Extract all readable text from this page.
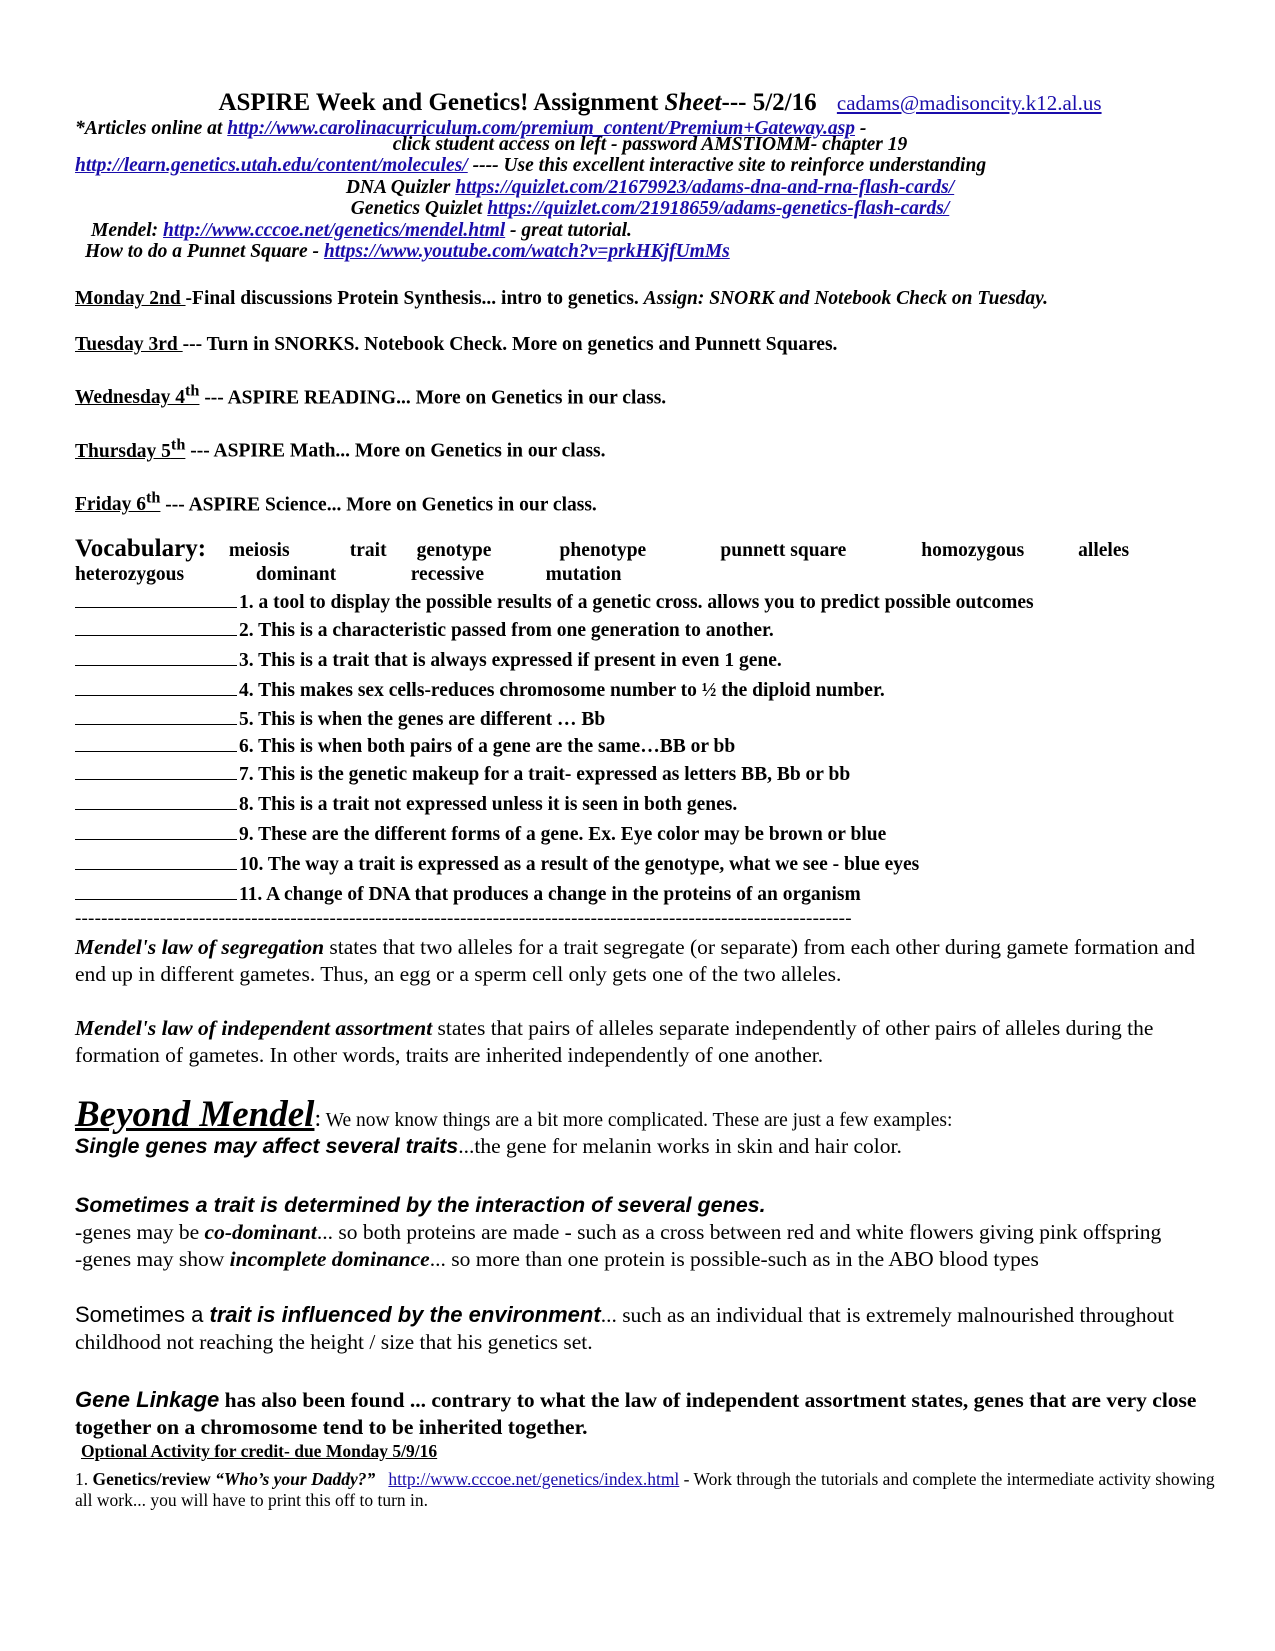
ASPIRE Week and Genetics! Assignment Sheet--- 5/2/16 cadams@madisoncity.k12.al.us

*Articles online at http://www.carolinacurriculum.com/premium_content/Premium+Gateway.asp -
click student access on left - password AMSTIOMM- chapter 19
http://learn.genetics.utah.edu/content/molecules/ ---- Use this excellent interactive site to reinforce understanding
DNA Quizler https://quizlet.com/21679923/adams-dna-and-rna-flash-cards/
Genetics Quizlet https://quizlet.com/21918659/adams-genetics-flash-cards/
Mendel: http://www.cccoe.net/genetics/mendel.html - great tutorial.
How to do a Punnet Square - https://www.youtube.com/watch?v=prkHKjfUmMs

Monday 2nd -Final discussions Protein Synthesis... intro to genetics. Assign: SNORK and Notebook Check on Tuesday.

Tuesday 3rd --- Turn in SNORKS. Notebook Check. More on genetics and Punnett Squares.

Wednesday 4th --- ASPIRE READING... More on Genetics in our class.

Thursday 5th --- ASPIRE Math... More on Genetics in our class.

Friday 6th --- ASPIRE Science... More on Genetics in our class.

Vocabulary: meiosis	trait genotype	phenotype	punnett square	homozygous	alleles
heterozygous	dominant	recessive	mutation
1. a tool to display the possible results of a genetic cross. allows you to predict possible outcomes
2. This is a characteristic passed from one generation to another.
3. This is a trait that is always expressed if present in even 1 gene.
4. This makes sex cells-reduces chromosome number to ½ the diploid number.
5. This is when the genes are different … Bb
6. This is when both pairs of a gene are the same…BB or bb
7. This is the genetic makeup for a trait- expressed as letters BB, Bb or bb
8. This is a trait not expressed unless it is seen in both genes.
9. These are the different forms of a gene. Ex. Eye color may be brown or blue
10. The way a trait is expressed as a result of the genotype, what we see - blue eyes
11. A change of DNA that produces a change in the proteins of an organism
-----------------------------------------------------------------------------------------------------------------------

Mendel's law of segregation states that two alleles for a trait segregate (or separate) from each other during gamete formation and end up in different gametes. Thus, an egg or a sperm cell only gets one of the two alleles.

Mendel's law of independent assortment states that pairs of alleles separate independently of other pairs of alleles during the formation of gametes. In other words, traits are inherited independently of one another.

Beyond Mendel: We now know things are a bit more complicated. These are just a few examples:

Single genes may affect several traits...the gene for melanin works in skin and hair color.

Sometimes a trait is determined by the interaction of several genes.

-genes may be co-dominant... so both proteins are made - such as a cross between red and white flowers giving pink offspring

-genes may show incomplete dominance... so more than one protein is possible-such as in the ABO blood types

Sometimes a trait is influenced by the environment... such as an individual that is extremely malnourished throughout childhood not reaching the height / size that his genetics set.

Gene Linkage has also been found ... contrary to what the law of independent assortment states, genes that are very close together on a chromosome tend to be inherited together.

Optional Activity for credit- due Monday 5/9/16
1. Genetics/review “Who’s your Daddy?” http://www.cccoe.net/genetics/index.html - Work through the tutorials and complete the intermediate activity showing all work... you will have to print this off to turn in.
